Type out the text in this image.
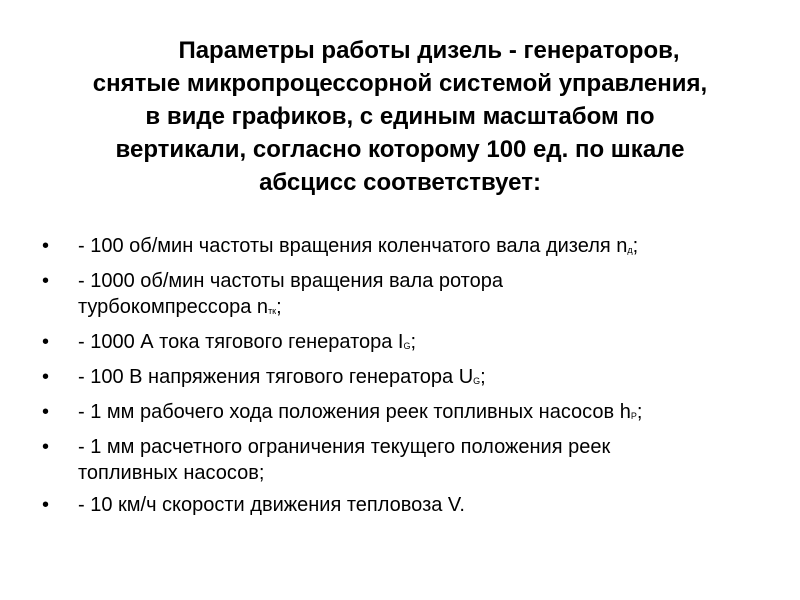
Параметры работы дизель - генераторов,
снятые микропроцессорной системой управления,
в виде графиков, с единым масштабом по
вертикали, согласно которому 100 ед. по шкале
абсцисс соответствует:
• - 100 об/мин частоты вращения коленчатого вала дизеля nд;
• - 1000 об/мин частоты вращения вала ротора
турбокомпрессора nтк;
• - 1000 А тока тягового генератора IG;
• - 100 В напряжения тягового генератора UG;
• - 1 мм рабочего хода положения реек топливных насосов hP;
• - 1 мм расчетного ограничения текущего положения реек
топливных насосов;
• - 10 км/ч скорости движения тепловоза V.
